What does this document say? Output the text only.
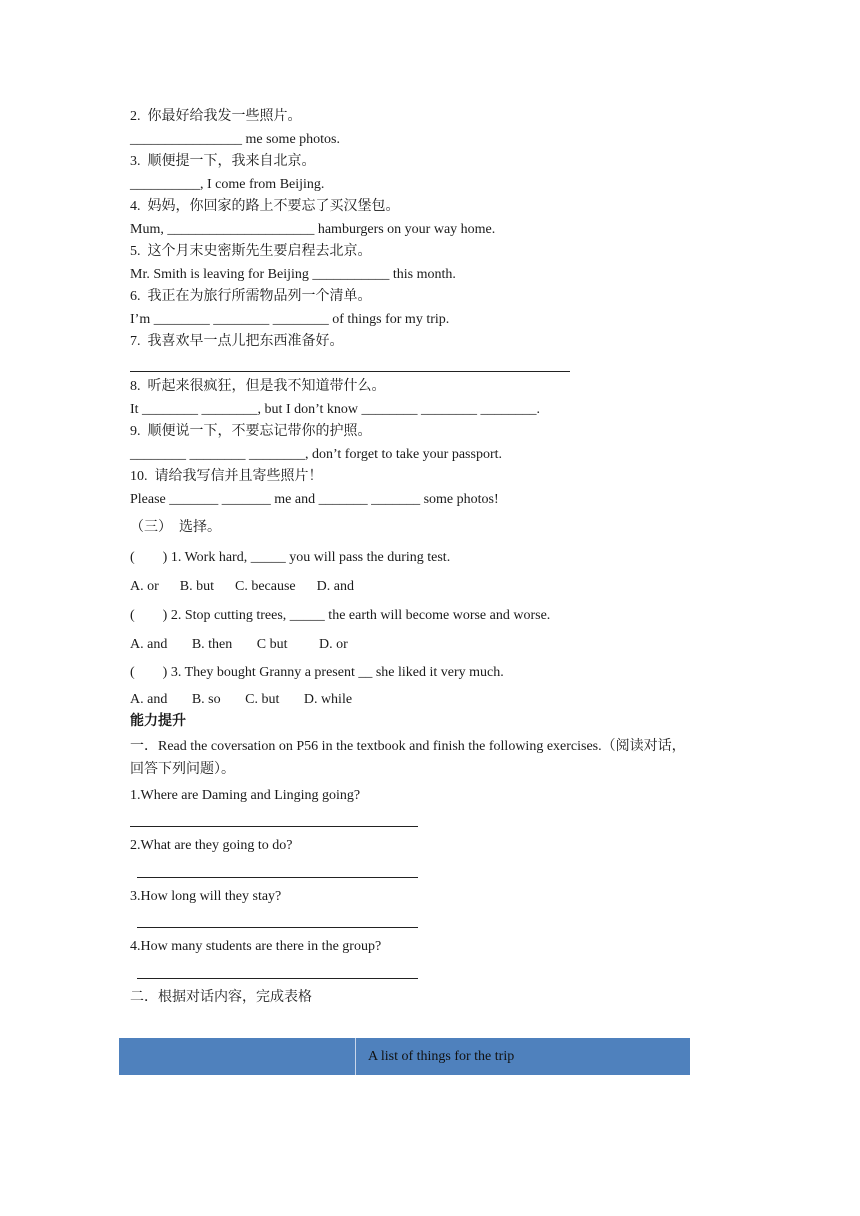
2.  你最好给我发一些照片。
________________ me some photos.
3.  顺便提一下，我来自北京。
__________, I come from Beijing.
4.  妈妈，你回家的路上不要忘了买汉堡包。
Mum, _____________________ hamburgers on your way home.
5.  这个月末史密斯先生要启程去北京。
Mr. Smith is leaving for Beijing ___________ this month.
6.  我正在为旅行所需物品列一个清单。
I’m ________ ________ ________ of things for my trip.
7.  我喜欢早一点儿把东西准备好。
8.  听起来很疯狂，但是我不知道带什么。
It ________ ________, but I don’t know ________ ________ ________.
9.  顺便说一下，不要忘记带你的护照。
________ ________ ________, don’t forget to take your passport.
10.  请给我写信并且寄些照片！
Please _______ _______ me and _______ _______ some photos!
（三）  选择。
(        ) 1. Work hard, _____ you will pass the during test.
A. or      B. but      C. because      D. and
(        ) 2. Stop cutting trees, _____ the earth will become worse and worse.
A. and       B. then       C but         D. or
(        ) 3. They bought Granny a present __ she liked it very much.
A. and       B. so       C. but       D. while
能力提升
一．Read the coversation on P56 in the textbook and finish the following exercises.（阅读对话，
回答下列问题）。
1.Where are Daming and Linging going?
2.What are they going to do?
3.How long will they stay?
4.How many students are there in the group?
二．根据对话内容，完成表格
	A list of things for the trip
